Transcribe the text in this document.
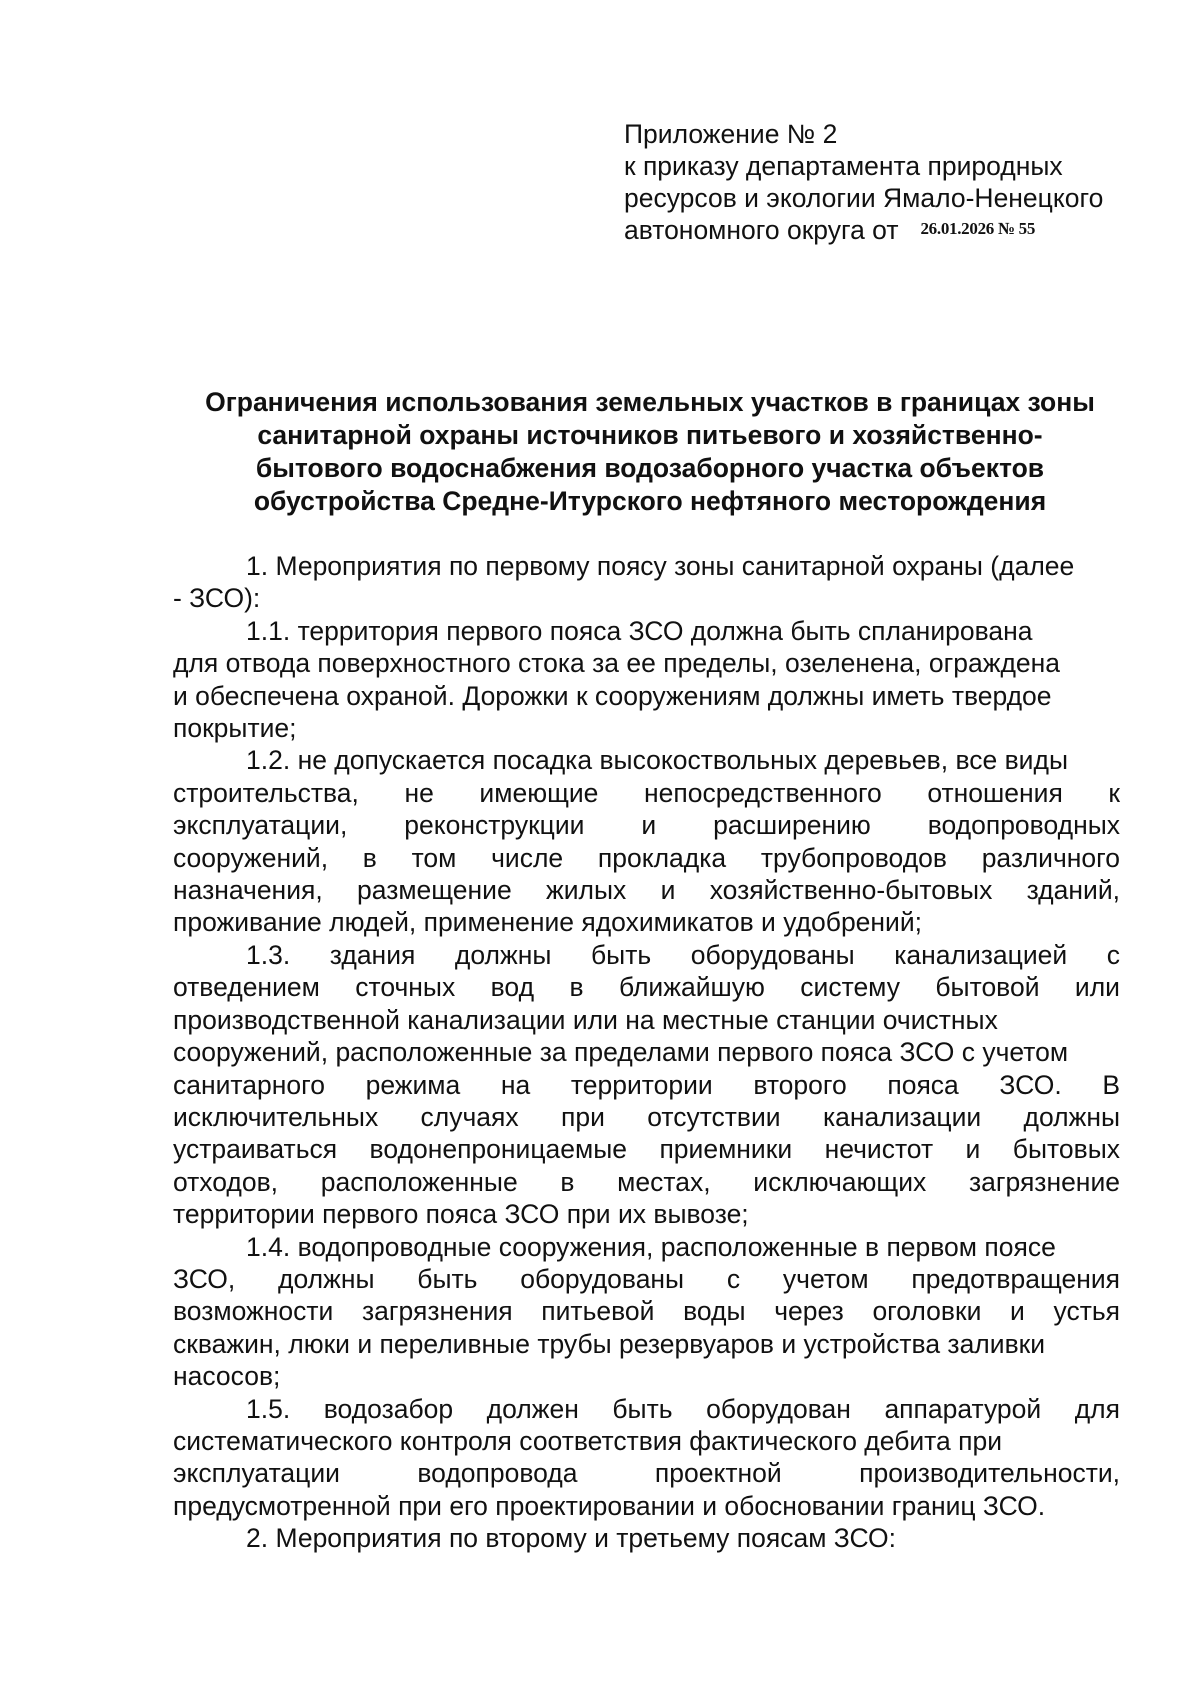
Приложение № 2
к приказу департамента природных
ресурсов и экологии Ямало-Ненецкого
автономного округа от 26.01.2026 № 55
Ограничения использования земельных участков в границах зоны
санитарной охраны источников питьевого и хозяйственно-
бытового водоснабжения водозаборного участка объектов
обустройства Средне-Итурского нефтяного месторождения
1. Мероприятия по первому поясу зоны санитарной охраны (далее
- ЗСО):
1.1. территория первого пояса ЗСО должна быть спланирована
для отвода поверхностного стока за ее пределы, озеленена, ограждена
и обеспечена охраной. Дорожки к сооружениям должны иметь твердое
покрытие;
1.2. не допускается посадка высокоствольных деревьев, все виды
строительства, не имеющие непосредственного отношения к
эксплуатации, реконструкции и расширению водопроводных
сооружений, в том числе прокладка трубопроводов различного
назначения, размещение жилых и хозяйственно-бытовых зданий,
проживание людей, применение ядохимикатов и удобрений;
1.3. здания должны быть оборудованы канализацией с
отведением сточных вод в ближайшую систему бытовой или
производственной канализации или на местные станции очистных
сооружений, расположенные за пределами первого пояса ЗСО с учетом
санитарного режима на территории второго пояса ЗСО. В
исключительных случаях при отсутствии канализации должны
устраиваться водонепроницаемые приемники нечистот и бытовых
отходов, расположенные в местах, исключающих загрязнение
территории первого пояса ЗСО при их вывозе;
1.4. водопроводные сооружения, расположенные в первом поясе
ЗСО, должны быть оборудованы с учетом предотвращения
возможности загрязнения питьевой воды через оголовки и устья
скважин, люки и переливные трубы резервуаров и устройства заливки
насосов;
1.5. водозабор должен быть оборудован аппаратурой для
систематического контроля соответствия фактического дебита при
эксплуатации водопровода проектной производительности,
предусмотренной при его проектировании и обосновании границ ЗСО.
2. Мероприятия по второму и третьему поясам ЗСО:
